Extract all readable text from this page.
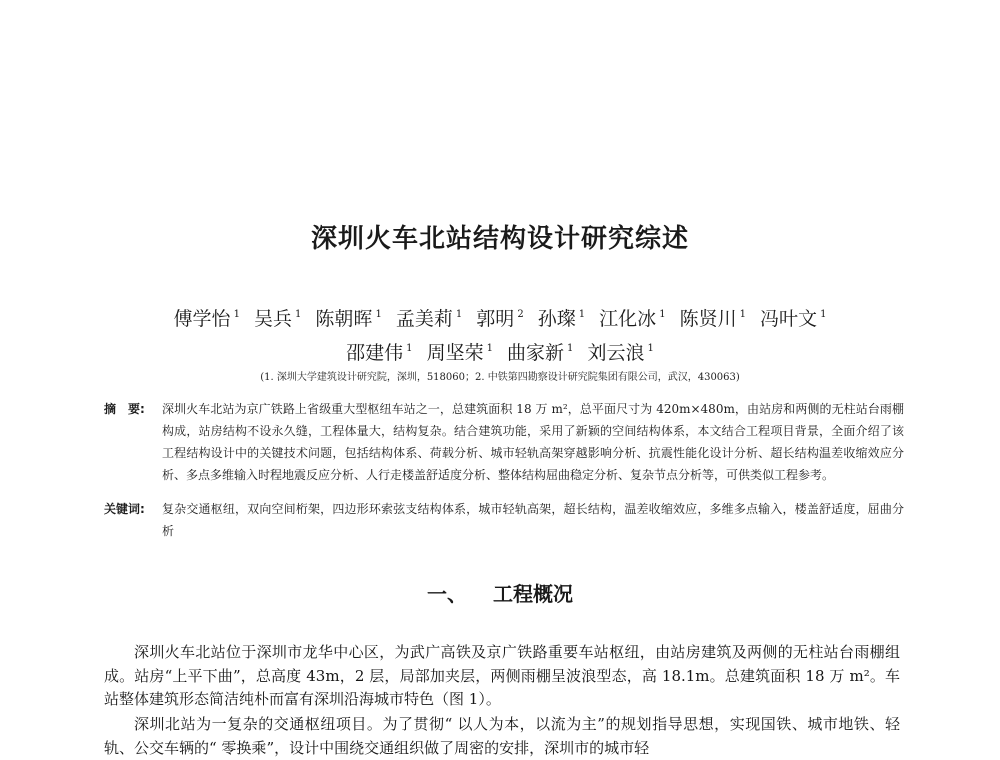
深圳火车北站结构设计研究综述
傅学怡 $^1$ 吴兵 $^1$ 陈朝晖 $^1$ 孟美莉 $^1$ 郭明 $^2$ 孙璨 $^1$ 江化冰 $^1$ 陈贤川 $^1$ 冯叶文 $^1$
邵建伟 $^1$ 周坚荣 $^1$ 曲家新 $^1$ 刘云浪 $^1$
(1. 深圳大学建筑设计研究院，深圳，518060；2. 中铁第四勘察设计研究院集团有限公司，武汉，430063)
摘　要:	深圳火车北站为京广铁路上省级重大型枢纽车站之一，总建筑面积 18 万 m²，总平面尺寸为 420m×480m，由站房和两侧的无柱站台雨棚构成，站房结构不设永久缝，工程体量大，结构复杂。结合建筑功能，采用了新颖的空间结构体系，本文结合工程项目背景，全面介绍了该工程结构设计中的关键技术问题，包括结构体系、荷载分析、城市轻轨高架穿越影响分析、抗震性能化设计分析、超长结构温差收缩效应分析、多点多维输入时程地震反应分析、人行走楼盖舒适度分析、整体结构屈曲稳定分析、复杂节点分析等，可供类似工程参考。
关键词:	复杂交通枢纽，双向空间桁架，四边形环索弦支结构体系，城市轻轨高架，超长结构，温差收缩效应，多维多点输入，楼盖舒适度，屈曲分析
一、 工程概况
深圳火车北站位于深圳市龙华中心区，为武广高铁及京广铁路重要车站枢纽，由站房建筑及两侧的无柱站台雨棚组成。站房“上平下曲”，总高度 43m，2 层，局部加夹层，两侧雨棚呈波浪型态，高 18.1m。总建筑面积 18 万 m²。车站整体建筑形态简洁纯朴而富有深圳沿海城市特色（图 1）。
深圳北站为一复杂的交通枢纽项目。为了贯彻“ 以人为本，以流为主”的规划指导思想，实现国铁、城市地铁、轻轨、公交车辆的“ 零换乘”，设计中围绕交通组织做了周密的安排，深圳市的城市轻
